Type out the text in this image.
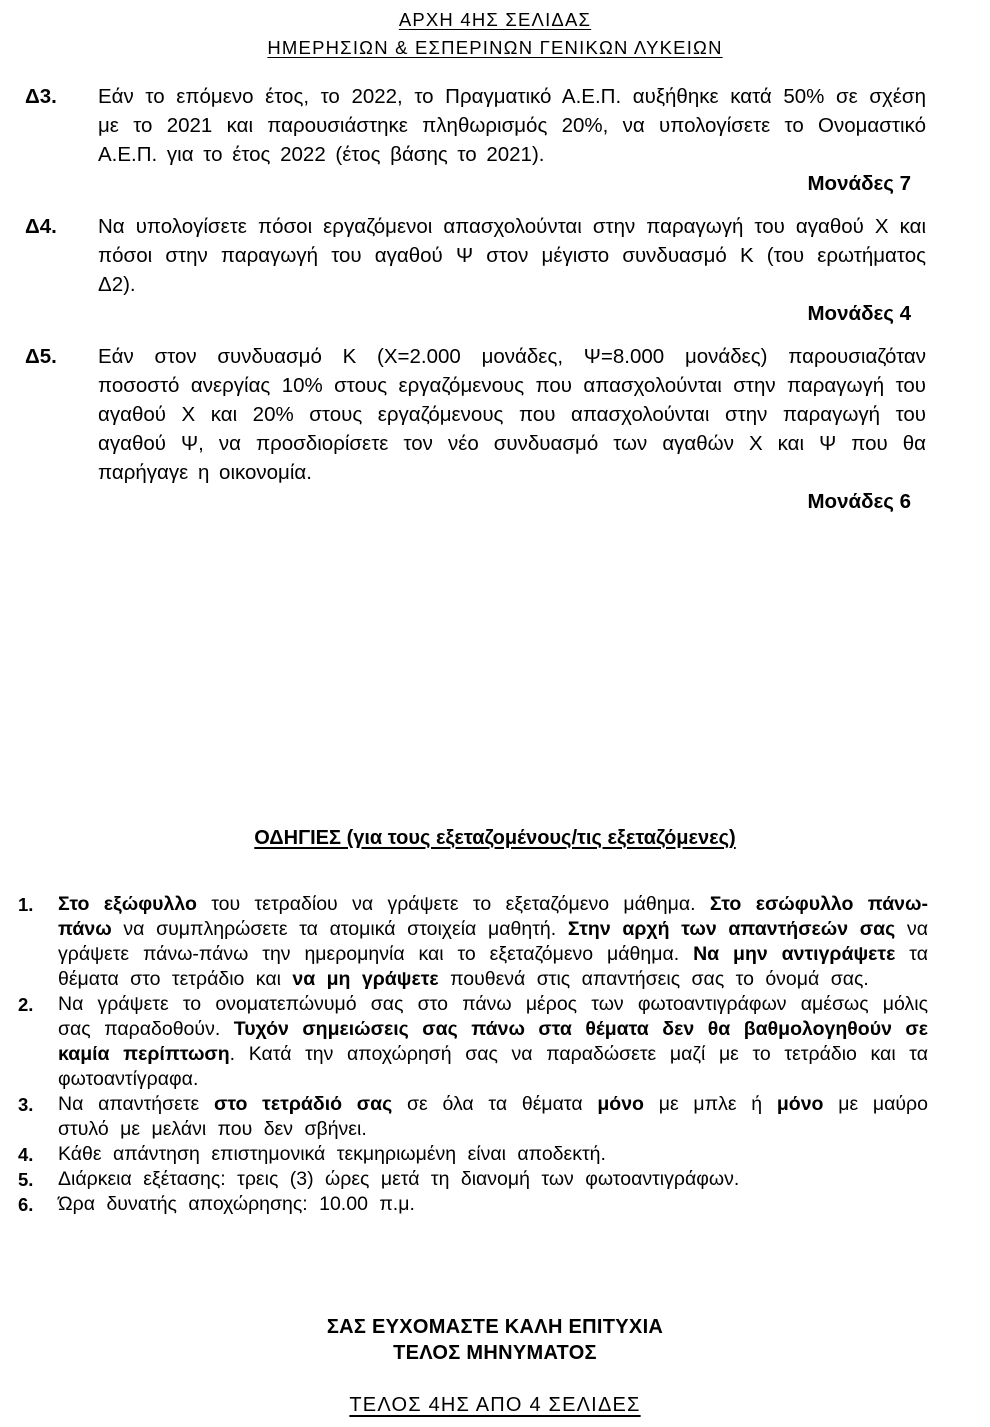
ΑΡΧΗ 4ΗΣ ΣΕΛΙΔΑΣ
ΗΜΕΡΗΣΙΩΝ & ΕΣΠΕΡΙΝΩΝ ΓΕΝΙΚΩΝ ΛΥΚΕΙΩΝ
Δ3. Εάν το επόμενο έτος, το 2022, το Πραγματικό Α.Ε.Π. αυξήθηκε κατά 50% σε σχέση με το 2021 και παρουσιάστηκε πληθωρισμός 20%, να υπολογίσετε το Ονομαστικό Α.Ε.Π. για το έτος 2022 (έτος βάσης το 2021).

Μονάδες 7
Δ4. Να υπολογίσετε πόσοι εργαζόμενοι απασχολούνται στην παραγωγή του αγαθού Χ και πόσοι στην παραγωγή του αγαθού Ψ στον μέγιστο συνδυασμό Κ (του ερωτήματος Δ2).

Μονάδες 4
Δ5. Εάν στον συνδυασμό Κ (Χ=2.000 μονάδες, Ψ=8.000 μονάδες) παρουσιαζόταν ποσοστό ανεργίας 10% στους εργαζόμενους που απασχολούνται στην παραγωγή του αγαθού Χ και 20% στους εργαζόμενους που απασχολούνται στην παραγωγή του αγαθού Ψ, να προσδιορίσετε τον νέο συνδυασμό των αγαθών Χ και Ψ που θα παρήγαγε η οικονομία.

Μονάδες 6
ΟΔΗΓΙΕΣ (για τους εξεταζομένους/τις εξεταζόμενες)
1. Στο εξώφυλλο του τετραδίου να γράψετε το εξεταζόμενο μάθημα. Στο εσώφυλλο πάνω-πάνω να συμπληρώσετε τα ατομικά στοιχεία μαθητή. Στην αρχή των απαντήσεών σας να γράψετε πάνω-πάνω την ημερομηνία και το εξεταζόμενο μάθημα. Να μην αντιγράψετε τα θέματα στο τετράδιο και να μη γράψετε πουθενά στις απαντήσεις σας το όνομά σας.

2. Να γράψετε το ονοματεπώνυμό σας στο πάνω μέρος των φωτοαντιγράφων αμέσως μόλις σας παραδοθούν. Τυχόν σημειώσεις σας πάνω στα θέματα δεν θα βαθμολογηθούν σε καμία περίπτωση. Κατά την αποχώρησή σας να παραδώσετε μαζί με το τετράδιο και τα φωτοαντίγραφα.

3. Να απαντήσετε στο τετράδιό σας σε όλα τα θέματα μόνο με μπλε ή μόνο με μαύρο στυλό με μελάνι που δεν σβήνει.

4. Κάθε απάντηση επιστημονικά τεκμηριωμένη είναι αποδεκτή.

5. Διάρκεια εξέτασης: τρεις (3) ώρες μετά τη διανομή των φωτοαντιγράφων.

6. Ώρα δυνατής αποχώρησης: 10.00 π.μ.

ΣΑΣ ΕΥΧΟΜΑΣΤΕ ΚΑΛΗ ΕΠΙΤΥΧΙΑ
ΤΕΛΟΣ ΜΗΝΥΜΑΤΟΣ
ΤΕΛΟΣ 4ΗΣ ΑΠΟ 4 ΣΕΛΙΔΕΣ
